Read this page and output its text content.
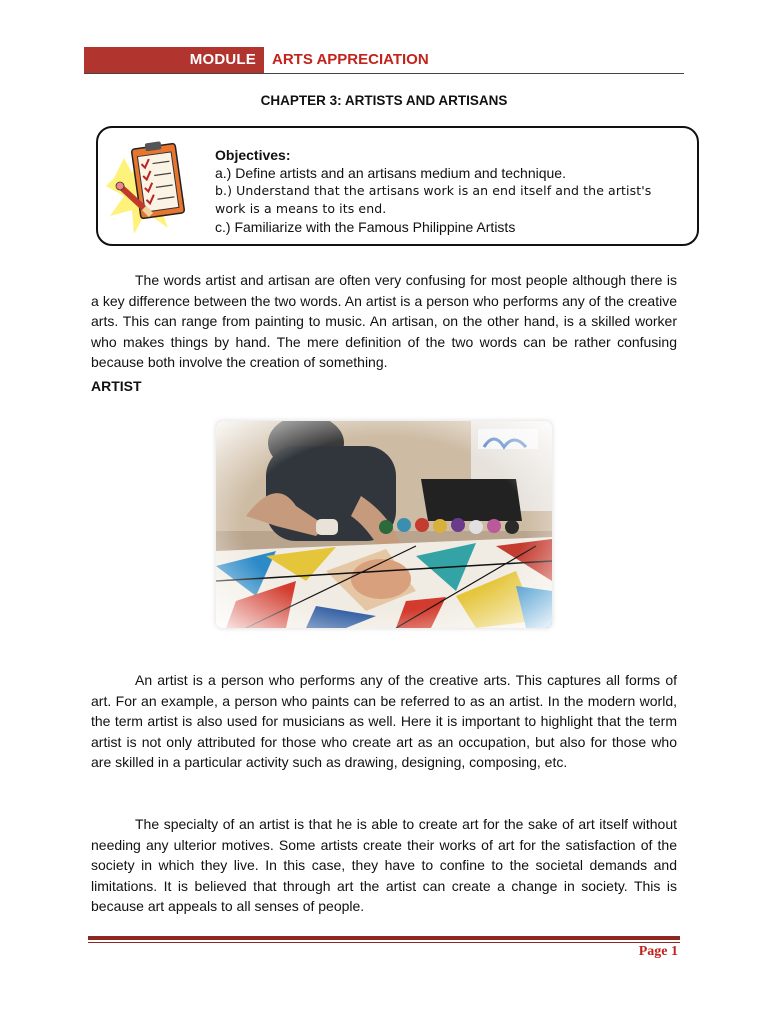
MODULE ARTS APPRECIATION
CHAPTER 3: ARTISTS AND ARTISANS
Objectives:
a.) Define artists and an artisans medium and technique.
b.) Understand that the artisans work is an end itself and the artist's work is a means to its end.
c.) Familiarize with the Famous Philippine Artists

The words artist and artisan are often very confusing for most people although there is a key difference between the two words. An artist is a person who performs any of the creative arts. This can range from painting to music. An artisan, on the other hand, is a skilled worker who makes things by hand. The mere definition of the two words can be rather confusing because both involve the creation of something.

ARTIST

An artist is a person who performs any of the creative arts. This captures all forms of art. For an example, a person who paints can be referred to as an artist. In the modern world, the term artist is also used for musicians as well. Here it is important to highlight that the term artist is not only attributed for those who create art as an occupation, but also for those who are skilled in a particular activity such as drawing, designing, composing, etc.

The specialty of an artist is that he is able to create art for the sake of art itself without needing any ulterior motives. Some artists create their works of art for the satisfaction of the society in which they live. In this case, they have to confine to the societal demands and limitations. It is believed that through art the artist can create a change in society. This is because art appeals to all senses of people.

Page 1
